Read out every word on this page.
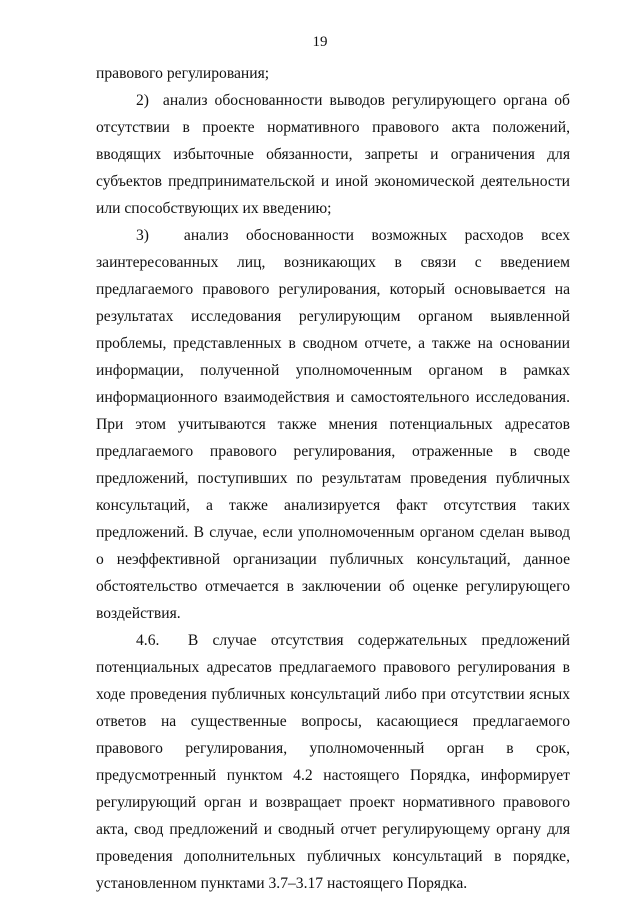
19

правового регулирования;

2)  анализ обоснованности выводов регулирующего органа об отсутствии в проекте нормативного правового акта положений, вводящих избыточные обязанности, запреты и ограничения для субъектов предпринимательской и иной экономической деятельности или способствующих их введению;

3)  анализ обоснованности возможных расходов всех заинтересованных лиц, возникающих в связи с введением предлагаемого правового регулирования, который основывается на результатах исследования регулирующим органом выявленной проблемы, представленных в сводном отчете, а также на основании информации, полученной уполномоченным органом в рамках информационного взаимодействия и самостоятельного исследования. При этом учитываются также мнения потенциальных адресатов предлагаемого правового регулирования, отраженные в своде предложений, поступивших по результатам проведения публичных консультаций, а также анализируется факт отсутствия таких предложений. В случае, если уполномоченным органом сделан вывод о неэффективной организации публичных консультаций, данное обстоятельство отмечается в заключении об оценке регулирующего воздействия.

4.6.  В случае отсутствия содержательных предложений потенциальных адресатов предлагаемого правового регулирования в ходе проведения публичных консультаций либо при отсутствии ясных ответов на существенные вопросы, касающиеся предлагаемого правового регулирования, уполномоченный орган в срок, предусмотренный пунктом 4.2 настоящего Порядка, информирует регулирующий орган и возвращает проект нормативного правового акта, свод предложений и сводный отчет регулирующему органу для проведения дополнительных публичных консультаций в порядке, установленном пунктами 3.7–3.17 настоящего Порядка.
